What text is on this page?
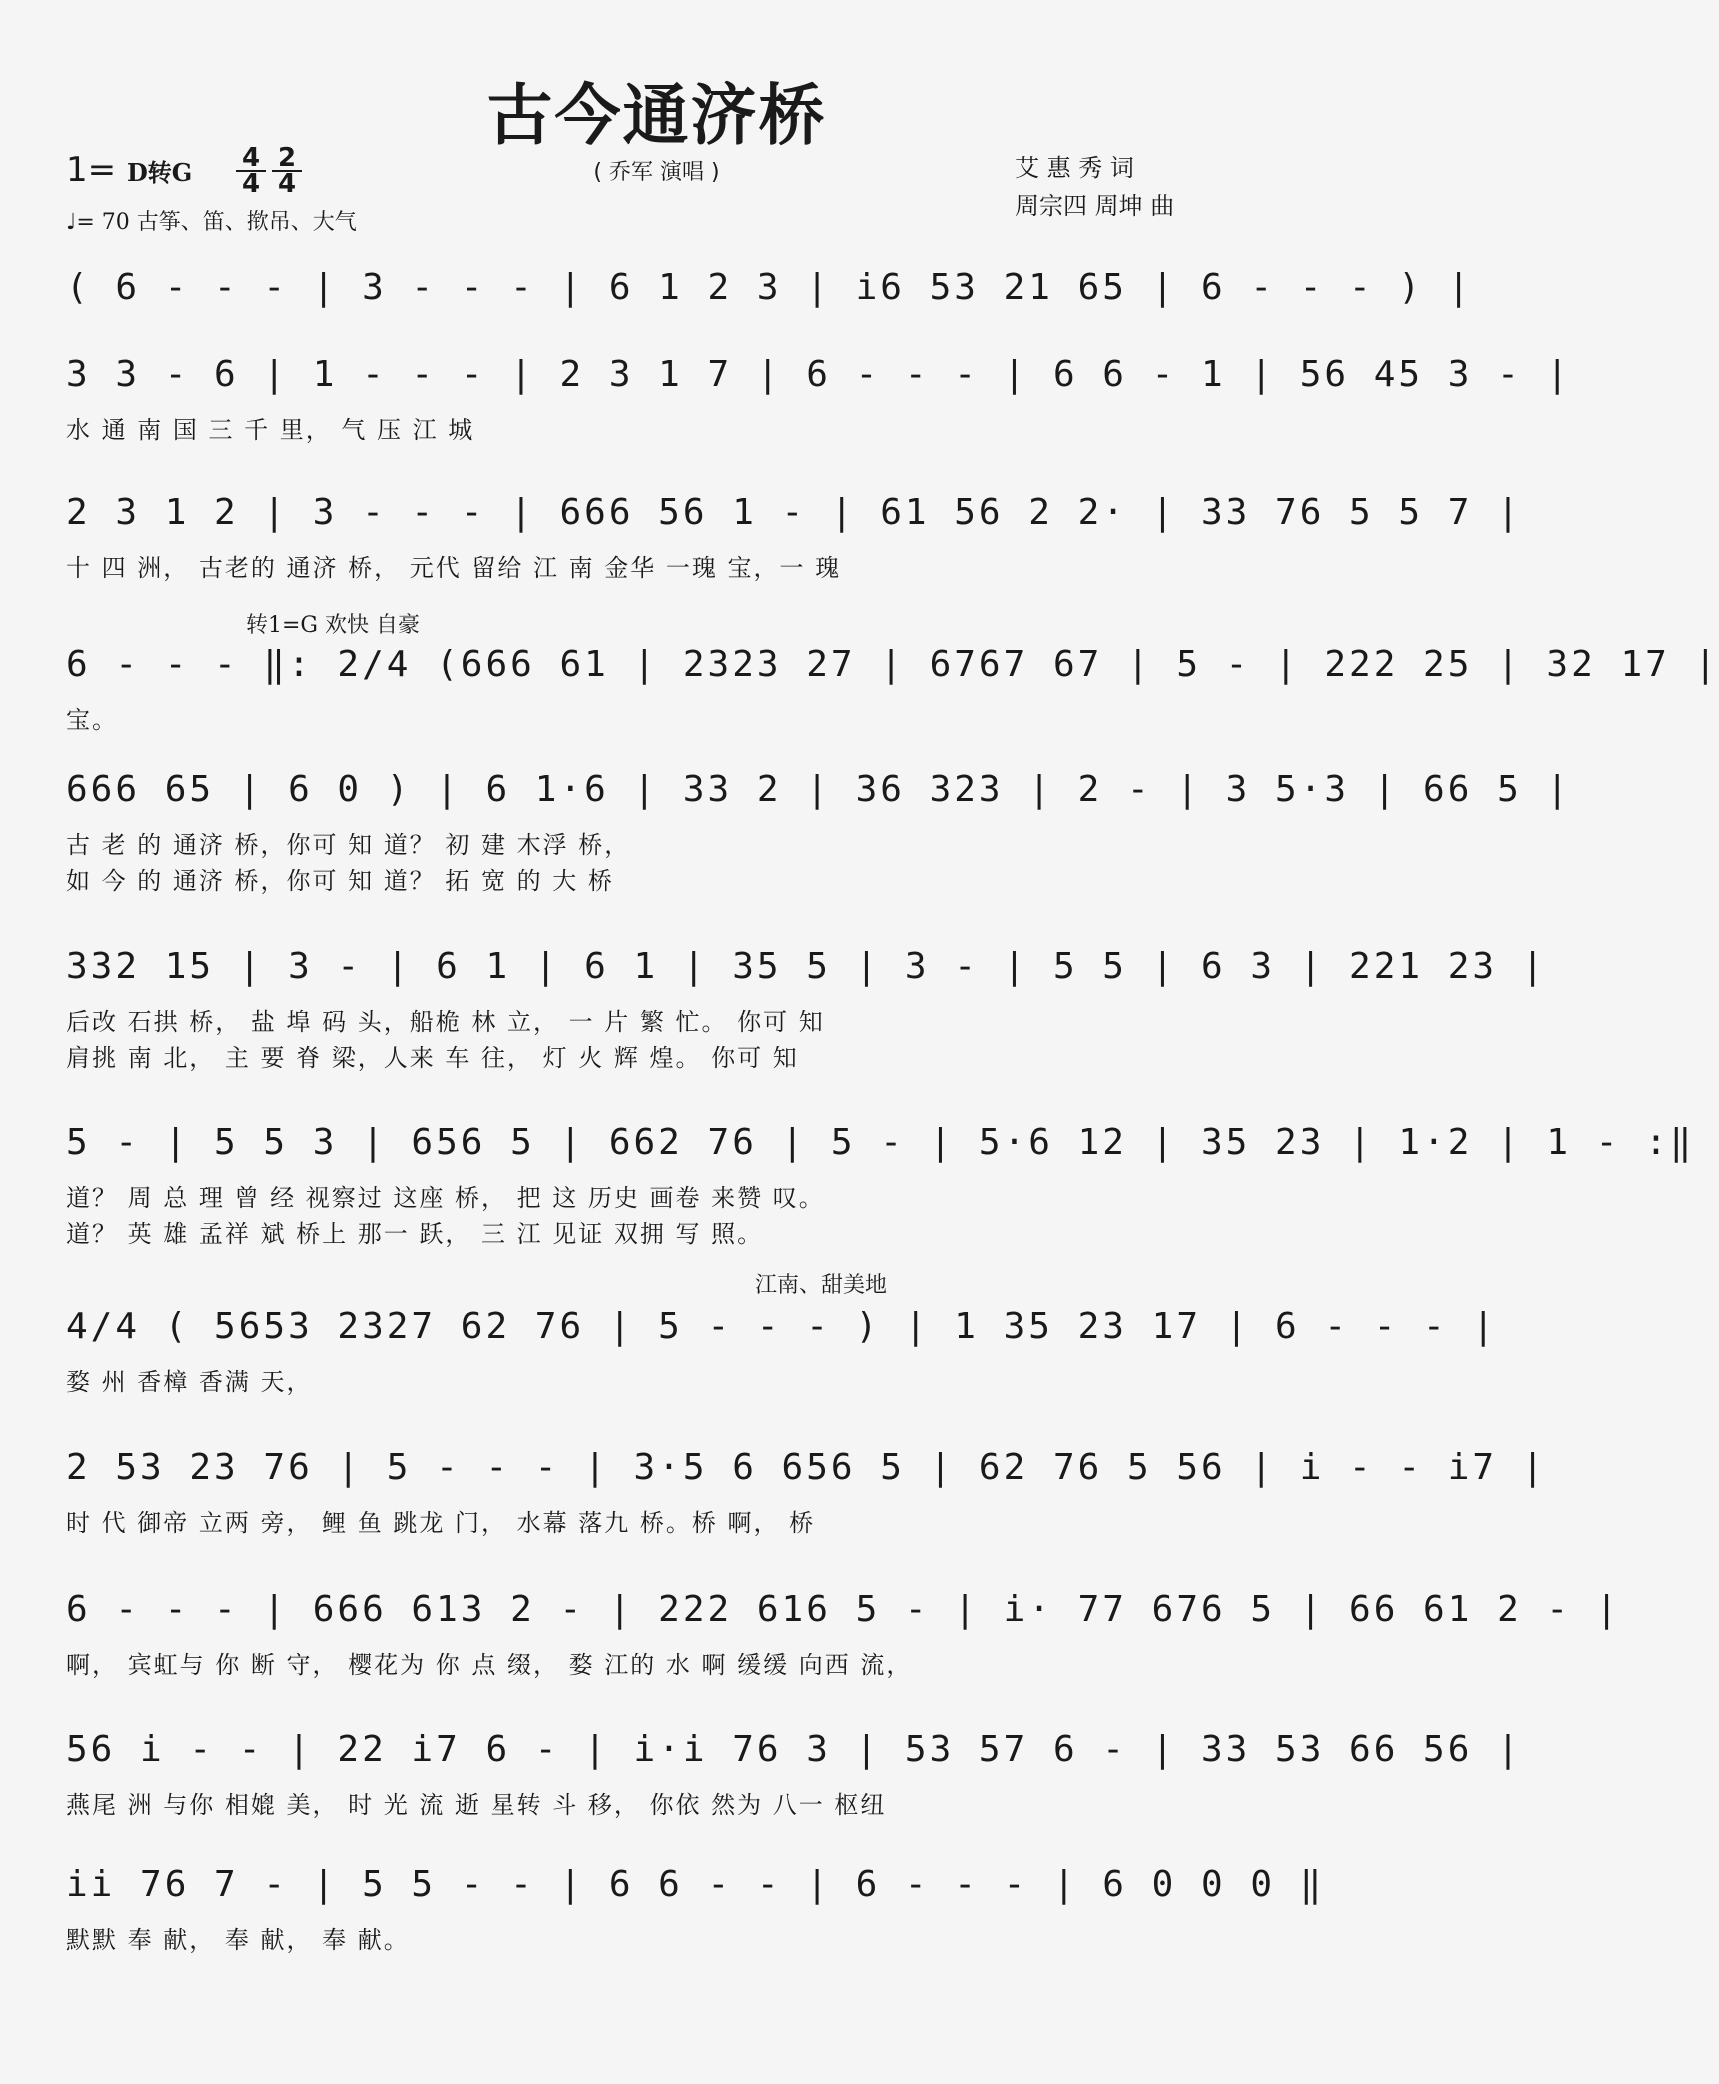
古今通济桥
1= D转G $\frac{4}{4} \frac{2}{4}$
♩= 70 古筝、笛、揿吊、大气
( 乔军 演唱 )	艾 惠 秀 词
周宗四 周坤 曲
转1=G 欢快 自豪
江南、甜美地
( 6 - - - | 3 - - - | 6 1 2 3 | i6 53 21 65 | 6 - - - ) |
3 3 - 6 | 1 - - - | 2 3 1 7 | 6 - - - | 6 6 - 1 | 56 45 3 - |
水 通 南 国 三 千 里， 气 压 江 城
2 3 1 2 | 3 - - - | 666 56 1 - | 61 56 2 2· | 33 76 5 5 7 |
十 四 洲， 古老的 通济 桥， 元代 留给 江 南 金华 一瑰 宝，一 瑰
6 - - - ‖: 2/4 (666 61 | 2323 27 | 6767 67 | 5 - | 222 25 | 32 17 |
宝。
666 65 | 6 0 ) | 6 1·6 | 33 2 | 36 323 | 2 - | 3 5·3 | 66 5 |
古 老 的 通济 桥，你可 知 道？ 初 建 木浮 桥，
如 今 的 通济 桥，你可 知 道？ 拓 宽 的 大 桥
332 15 | 3 - | 6 1 | 6 1 | 35 5 | 3 - | 5 5 | 6 3 | 221 23 |
后改 石拱 桥， 盐 埠 码 头，船桅 林 立， 一 片 繁 忙。 你可 知
肩挑 南 北， 主 要 脊 梁，人来 车 往， 灯 火 辉 煌。 你可 知
5 - | 5 5 3 | 656 5 | 662 76 | 5 - | 5·6 12 | 35 23 | 1·2 | 1 - :‖
道？ 周 总 理 曾 经 视察过 这座 桥， 把 这 历史 画卷 来赞 叹。
道？ 英 雄 孟祥 斌 桥上 那一 跃， 三 江 见证 双拥 写 照。
4/4 ( 5653 2327 62 76 | 5 - - - ) | 1 35 23 17 | 6 - - - |
婺 州 香樟 香满 天，
2 53 23 76 | 5 - - - | 3·5 6 656 5 | 62 76 5 56 | i - - i7 |
时 代 御帝 立两 旁， 鲤 鱼 跳龙 门， 水幕 落九 桥。桥 啊， 桥
6 - - - | 666 613 2 - | 222 616 5 - | i· 77 676 5 | 66 61 2 - |
啊， 宾虹与 你 断 守， 樱花为 你 点 缀， 婺 江的 水 啊 缓缓 向西 流，
56 i - - | 22 i7 6 - | i·i 76 3 | 53 57 6 - | 33 53 66 56 |
燕尾 洲 与你 相媲 美， 时 光 流 逝 星转 斗 移， 你依 然为 八一 枢纽
ii 76 7 - | 5 5 - - | 6 6 - - | 6 - - - | 6 0 0 0 ‖
默默 奉 献， 奉 献， 奉 献。
